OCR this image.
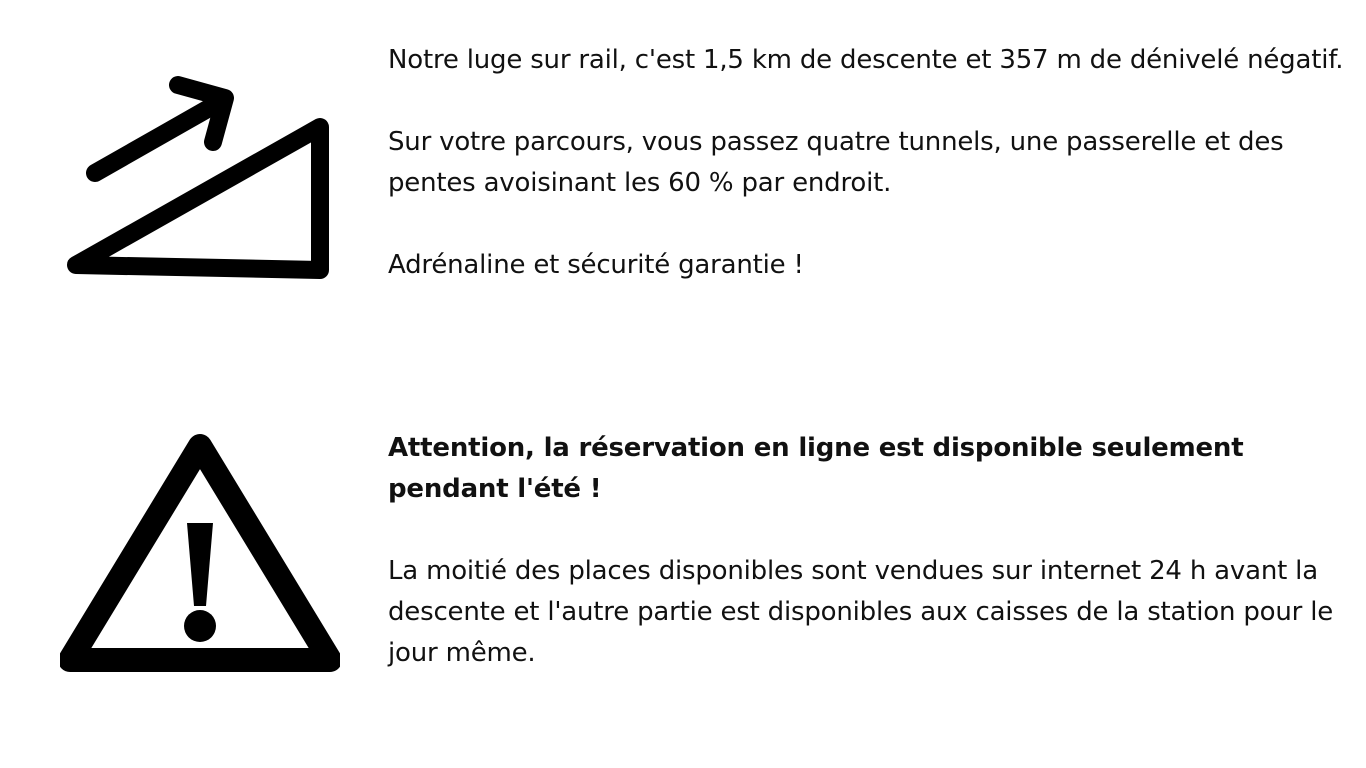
Notre luge sur rail, c'est 1,5 km de descente et 357 m de dénivelé négatif.

Sur votre parcours, vous passez quatre tunnels, une passerelle et des pentes avoisinant les 60 % par endroit.

Adrénaline et sécurité garantie !

Attention, la réservation en ligne est disponible seulement pendant l'été !

La moitié des places disponibles sont vendues sur internet 24 h avant la descente et l'autre partie est disponibles aux caisses de la station pour le jour même.
